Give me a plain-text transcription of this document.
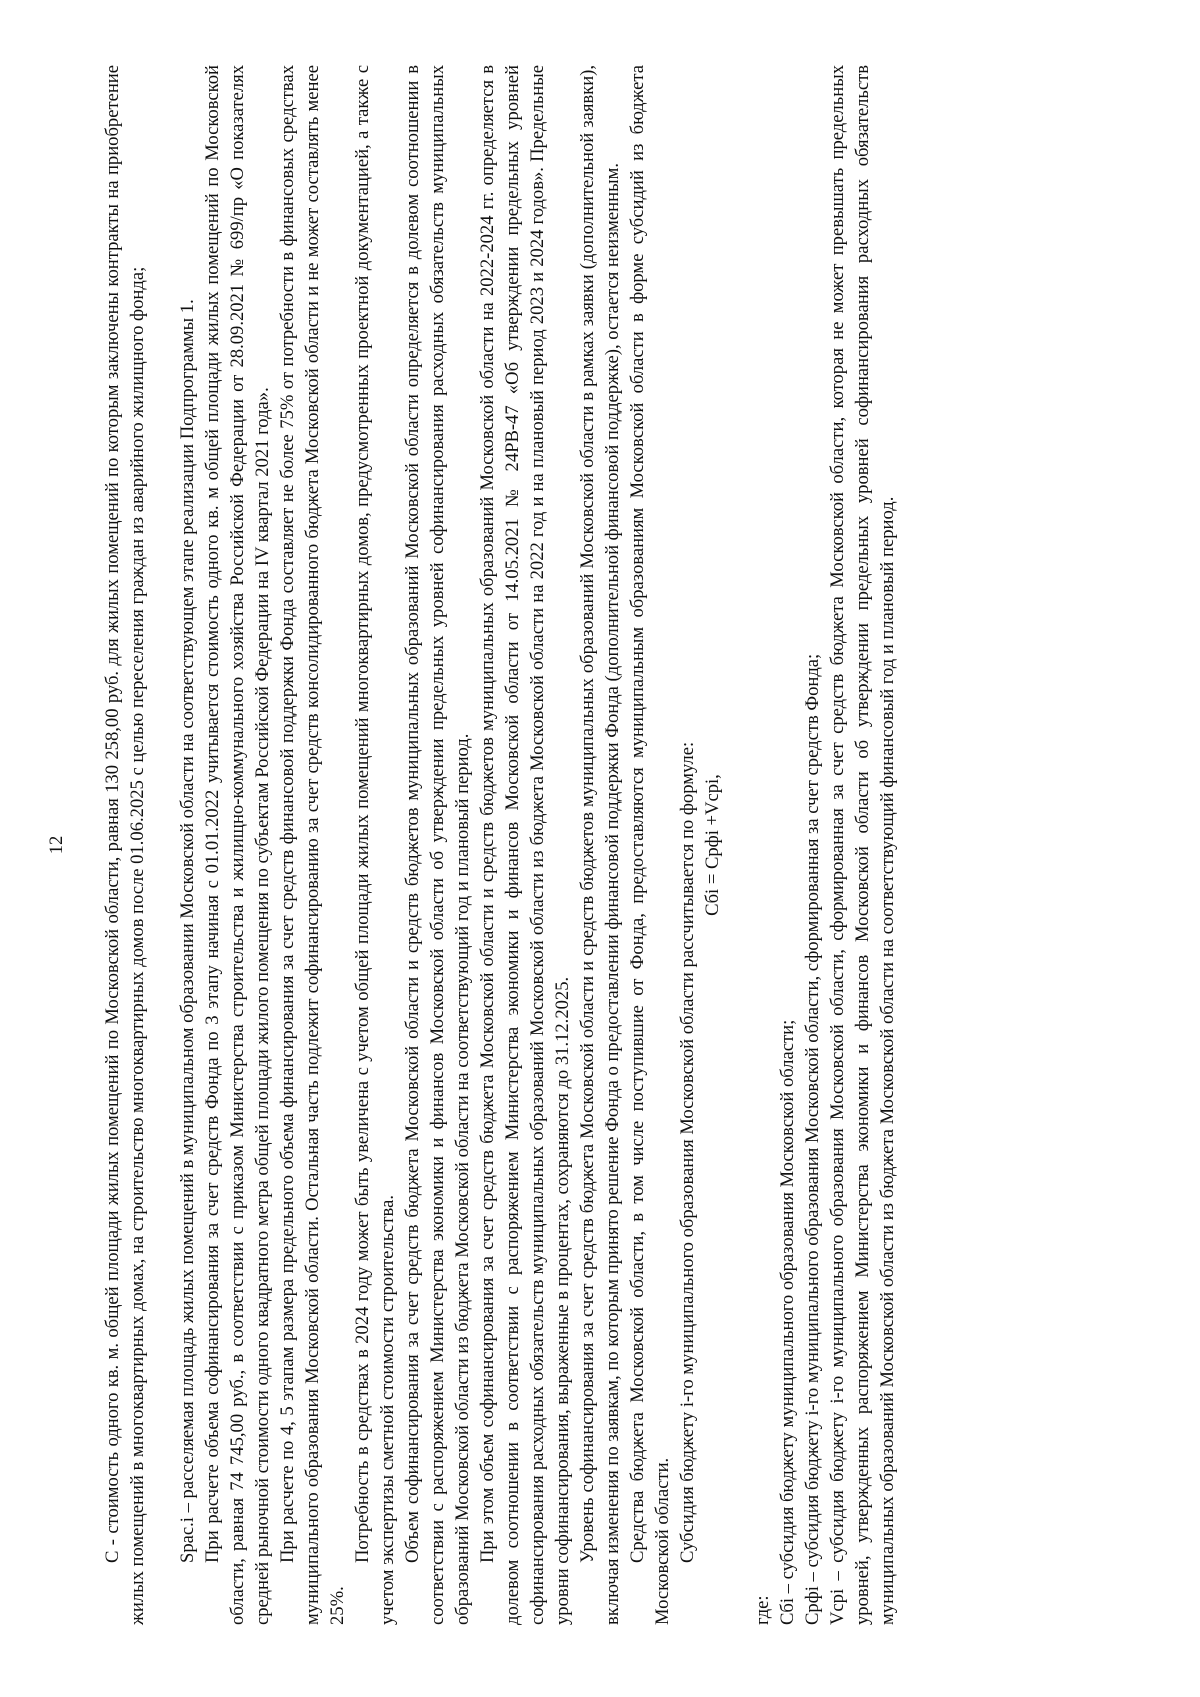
12 С - стоимость одного кв. м. общей площади жилых помещений по Московской области, равная 130 258,00 руб. для жилых помещений по которым заключены контракты на приобретение жилых помещений в многоквартирных домах, на строительство многоквартирных домов после 01.06.2025 с целью переселения граждан из аварийного жилищного фонда; Spac.i – расселяемая площадь жилых помещений в муниципальном образовании Московской области на соответствующем этапе реализации Подпрограммы 1. При расчете объема софинансирования за счет средств Фонда по 3 этапу начиная с 01.01.2022 учитывается стоимость одного кв. м общей площади жилых помещений по Московской области, равная 74 745,00 руб., в соответствии с приказом Министерства строительства и жилищно-коммунального хозяйства Российской Федерации от 28.09.2021 № 699/пр «О показателях средней рыночной стоимости одного квадратного метра общей площади жилого помещения по субъектам Российской Федерации на IV квартал 2021 года». При расчете по 4, 5 этапам размера предельного объема финансирования за счет средств финансовой поддержки Фонда составляет не более 75% от потребности в финансовых средствах муниципального образования Московской области. Остальная часть подлежит софинансированию за счет средств консолидированного бюджета Московской области и не может составлять менее 25%.

Потребность в средствах в 2024 году может быть увеличена с учетом общей площади жилых помещений многоквартирных домов, предусмотренных проектной документацией, а также с учетом экспертизы сметной стоимости строительства. Объем софинансирования за счет средств бюджета Московской области и средств бюджетов муниципальных образований Московской области определяется в долевом соотношении в соответствии с распоряжением Министерства экономики и финансов Московской области об утверждении предельных уровней софинансирования расходных обязательств муниципальных образований Московской области из бюджета Московской области на соответствующий год и плановый период. При этом объем софинансирования за счет средств бюджета Московской области и средств бюджетов муниципальных образований Московской области на 2022-2024 гг. определяется в долевом соотношении в соответствии с распоряжением Министерства экономики и финансов Московской области от 14.05.2021 № 24РВ-47 «Об утверждении предельных уровней софинансирования расходных обязательств муниципальных образований Московской области из бюджета Московской области на 2022 год и на плановый период 2023 и 2024 годов». Предельные уровни софинансирования, выраженные в процентах, сохраняются до 31.12.2025. Уровень софинансирования за счет средств бюджета Московской области и средств бюджетов муниципальных образований Московской области в рамках заявки (дополнительной заявки), включая изменения по заявкам, по которым принято решение Фонда о предоставлении финансовой поддержки Фонда (дополнительной финансовой поддержке), остается неизменным. Средства бюджета Московской области, в том числе поступившие от Фонда, предоставляются муниципальным образованиям Московской области в форме субсидий из бюджета Московской области. Субсидия бюджету i-го муниципального образования Московской области рассчитывается по формуле: Cбi = Cрфi +Vcрi,

где: Cбi – субсидия бюджету муниципального образования Московской области; Cрфi – субсидия бюджету i-го муниципального образования Московской области, сформированная за счет средств Фонда; Vcрi – субсидия бюджету i-го муниципального образования Московской области, сформированная за счет средств бюджета Московской области, которая не может превышать предельных уровней, утвержденных распоряжением Министерства экономики и финансов Московской области об утверждении предельных уровней софинансирования расходных обязательств муниципальных образований Московской области из бюджета Московской области на соответствующий финансовый год и плановый период.
